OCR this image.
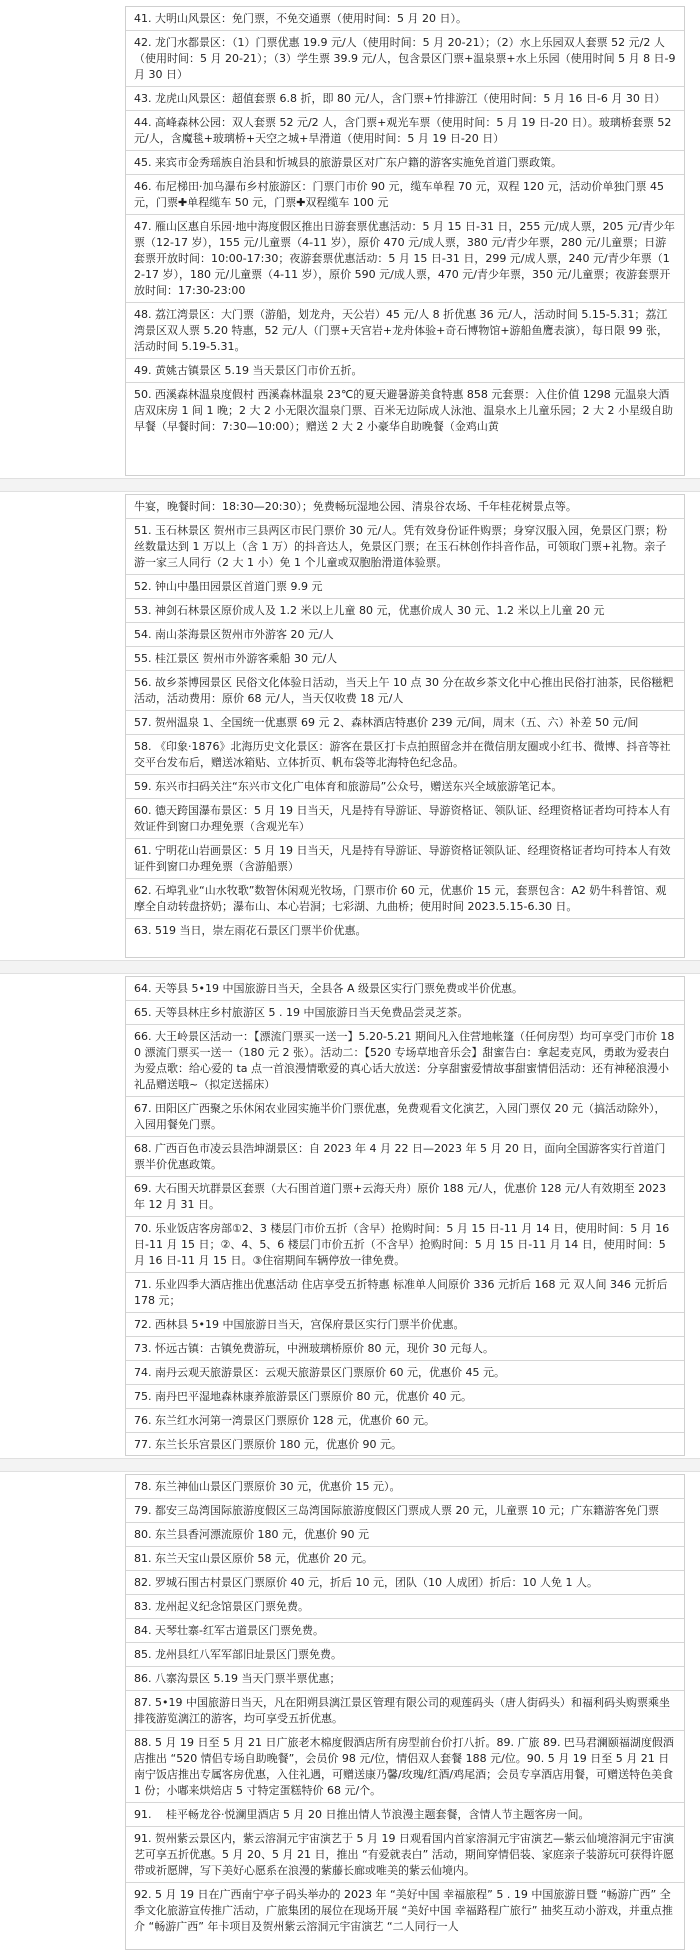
41. 大明山风景区：免门票，不免交通票（使用时间：5 月 20 日）。

42. 龙门水都景区：（1）门票优惠 19.9 元/人（使用时间：5 月 20-21）；（2）水上乐园双人套票 52 元/2 人（使用时间：5 月 20-21）；（3）学生票 39.9 元/人，包含景区门票+温泉票+水上乐园（使用时间 5 月 8 日-9 月 30 日）

43. 龙虎山风景区：超值套票 6.8 折，即 80 元/人，含门票+竹排游江（使用时间：5 月 16 日-6 月 30 日）

44. 高峰森林公园：双人套票 52 元/2 人，含门票+观光车票（使用时间：5 月 19 日-20 日）。玻璃桥套票 52 元/人，含魔毯+玻璃桥+天空之城+旱滑道（使用时间：5 月 19 日-20 日）

45. 来宾市金秀瑶族自治县和忻城县的旅游景区对广东户籍的游客实施免首道门票政策。

46. 布尼梯田·加乌瀑布乡村旅游区：门票门市价 90 元，缆车单程 70 元，双程 120 元，活动价单独门票 45 元，门票✚单程缆车 50 元，门票✚双程缆车 100 元

47. 雁山区惠自乐园·地中海度假区推出日游套票优惠活动：5 月 15 日-31 日，255 元/成人票，205 元/青少年票（12-17 岁），155 元/儿童票（4-11 岁），原价 470 元/成人票，380 元/青少年票，280 元/儿童票；日游套票开放时间：10:00-17:30；夜游套票优惠活动：5 月 15 日-31 日，299 元/成人票，240 元/青少年票（12-17 岁），180 元/儿童票（4-11 岁），原价 590 元/成人票，470 元/青少年票，350 元/儿童票；夜游套票开放时间：17:30-23:00

48. 荔江湾景区：大门票（游船，划龙舟，天公岩）45 元/人 8 折优惠 36 元/人，活动时间 5.15-5.31；荔江湾景区双人票 5.20 特惠，52 元/人（门票+天宫岩+龙舟体验+奇石博物馆+游船鱼鹰表演），每日限 99 张，活动时间 5.19-5.31。

49. 黄姚古镇景区 5.19 当天景区门市价五折。

50. 西溪森林温泉度假村 西溪森林温泉 23℃的夏天避暑游美食特惠 858 元套票：入住价值 1298 元温泉大酒店双床房 1 间 1 晚；2 大 2 小无限次温泉门票、百米无边际成人泳池、温泉水上儿童乐园；2 大 2 小星级自助早餐（早餐时间：7:30—10:00）；赠送 2 大 2 小豪华自助晚餐（金鸡山黄

牛宴，晚餐时间：18:30—20:30）；免费畅玩湿地公园、清泉谷农场、千年桂花树景点等。

51. 玉石林景区 贺州市三县两区市民门票价 30 元/人。凭有效身份证件购票；身穿汉服入园，免景区门票；粉丝数量达到 1 万以上（含 1 万）的抖音达人，免景区门票；在玉石林创作抖音作品，可领取门票+礼物。亲子游一家三人同行（2 大 1 小）免 1 个儿童或双胞胎滑道体验票。

52. 钟山中墨田园景区首道门票 9.9 元

53. 神剑石林景区原价成人及 1.2 米以上儿童 80 元，优惠价成人 30 元、1.2 米以上儿童 20 元

54. 南山茶海景区贺州市外游客 20 元/人

55. 桂江景区 贺州市外游客乘船 30 元/人

56. 故乡茶博园景区 民俗文化体验日活动，当天上午 10 点 30 分在故乡茶文化中心推出民俗打油茶，民俗糍粑活动，活动费用：原价 68 元/人，当天仅收费 18 元/人

57. 贺州温泉 1、全国统一优惠票 69 元 2、森林酒店特惠价 239 元/间，周末（五、六）补差 50 元/间

58. 《印象·1876》北海历史文化景区：游客在景区打卡点拍照留念并在微信朋友圈或小红书、微博、抖音等社交平台发布后，赠送冰箱贴、立体折页、帆布袋等北海特色纪念品。

59. 东兴市扫码关注“东兴市文化广电体育和旅游局”公众号，赠送东兴全域旅游笔记本。

60. 德天跨国瀑布景区：5 月 19 日当天，凡是持有导游证、导游资格证、领队证、经理资格证者均可持本人有效证件到窗口办理免票（含观光车）

61. 宁明花山岩画景区：5 月 19 日当天，凡是持有导游证、导游资格证领队证、经理资格证者均可持本人有效证件到窗口办理免票（含游船票）

62. 石埠乳业“山水牧歌”数智休闲观光牧场，门票市价 60 元，优惠价 15 元，套票包含：A2 奶牛科普馆、观摩全自动转盘挤奶；瀑布山、本心岩洞；七彩湖、九曲桥；使用时间 2023.5.15-6.30 日。

63. 519 当日，崇左雨花石景区门票半价优惠。

64. 天等县 5•19 中国旅游日当天，全县各 A 级景区实行门票免费或半价优惠。

65. 天等县林庄乡村旅游区 5 . 19 中国旅游日当天免费品尝灵芝茶。

66. 大王岭景区活动一：【漂流门票买一送一】5.20-5.21 期间凡入住营地帐篷（任何房型）均可享受门市价 180 漂流门票买一送一（180 元 2 张）。活动二：【520 专场草地音乐会】甜蜜告白：拿起麦克风，勇敢为爱表白为爱点歌：给心爱的 ta 点一首浪漫情歌爱的真心话大放送：分享甜蜜爱情故事甜蜜情侣活动：还有神秘浪漫小礼品赠送哦~（拟定送摇床）

67. 田阳区广西聚之乐休闲农业园实施半价门票优惠，免费观看文化演艺，入园门票仅 20 元（搞活动除外），入园用餐免门票。

68. 广西百色市凌云县浩坤湖景区：自 2023 年 4 月 22 日—2023 年 5 月 20 日，面向全国游客实行首道门票半价优惠政策。

69. 大石围天坑群景区套票（大石围首道门票+云海天舟）原价 188 元/人，优惠价 128 元/人有效期至 2023 年 12 月 31 日。

70. 乐业饭店客房部①2、3 楼层门市价五折（含早）抢购时间：5 月 15 日-11 月 14 日，使用时间：5 月 16 日-11 月 15 日；②、4、5、6 楼层门市价五折（不含早）抢购时间：5 月 15 日-11 月 14 日，使用时间：5 月 16 日-11 月 15 日。③住宿期间车辆停放一律免费。

71. 乐业四季大酒店推出优惠活动 住店享受五折特惠 标准单人间原价 336 元折后 168 元 双人间 346 元折后 178 元；

72. 西林县 5•19 中国旅游日当天，宫保府景区实行门票半价优惠。

73. 怀远古镇：古镇免费游玩，中洲玻璃桥原价 80 元，现价 30 元每人。

74. 南丹云观天旅游景区：云观天旅游景区门票原价 60 元，优惠价 45 元。

75. 南丹巴平湿地森林康养旅游景区门票原价 80 元，优惠价 40 元。

76. 东兰红水河第一湾景区门票原价 128 元，优惠价 60 元。

77. 东兰长乐宫景区门票原价 180 元，优惠价 90 元。

78. 东兰神仙山景区门票原价 30 元，优惠价 15 元）。

79. 都安三岛湾国际旅游度假区三岛湾国际旅游度假区门票成人票 20 元，儿童票 10 元；广东籍游客免门票

80. 东兰县香河漂流原价 180 元，优惠价 90 元

81. 东兰天宝山景区原价 58 元，优惠价 20 元。

82. 罗城石围古村景区门票原价 40 元，折后 10 元，团队（10 人成团）折后：10 人免 1 人。

83. 龙州起义纪念馆景区门票免费。

84. 天琴壮寨-红军古道景区门票免费。

85. 龙州县红八军军部旧址景区门票免费。

86. 八寨沟景区 5.19 当天门票半票优惠；

87. 5•19 中国旅游日当天，凡在阳朔县漓江景区管理有限公司的观莲码头（唐人街码头）和福利码头购票乘坐排筏游览漓江的游客，均可享受五折优惠。

88. 5 月 19 日至 5 月 21 日广旅老木棉度假酒店所有房型前台价打八折。89. 广旅 89. 巴马君澜颐福湖度假酒店推出 “520 情侣专场自助晚餐”，会员价 98 元/位，情侣双人套餐 188 元/位。90. 5 月 19 日至 5 月 21 日南宁饭店推出专属客房优惠，入住礼遇，可赠送康乃馨/玫瑰/红酒/鸡尾酒；会员专享酒店用餐，可赠送特色美食 1 份；小嘟来烘焙店 5 寸特定蛋糕特价 68 元/个。

91. 　桂平畅龙谷·悦澜里酒店 5 月 20 日推出情人节浪漫主题套餐，含情人节主题客房一间。

91. 贺州紫云景区内，紫云溶洞元宇宙演艺于 5 月 19 日观看国内首家溶洞元宇宙演艺—紫云仙境溶洞元宇宙演艺可享五折优惠。5 月 20、5 月 21 日，推出 “有爱就表白” 活动，期间穿情侣装、家庭亲子装游玩可获得许愿带或祈愿牌，写下美好心愿系在浪漫的紫藤长廊或唯美的紫云仙境内。

92. 5 月 19 日在广西南宁亭子码头举办的 2023 年 “美好中国 幸福旅程” 5 . 19 中国旅游日暨 “畅游广西” 全季文化旅游宣传推广活动，广旅集团的展位在现场开展 “美好中国 幸福路程广旅行” 抽奖互动小游戏，并重点推介 “畅游广西” 年卡项目及贺州紫云溶洞元宇宙演艺 “二人同行一人
